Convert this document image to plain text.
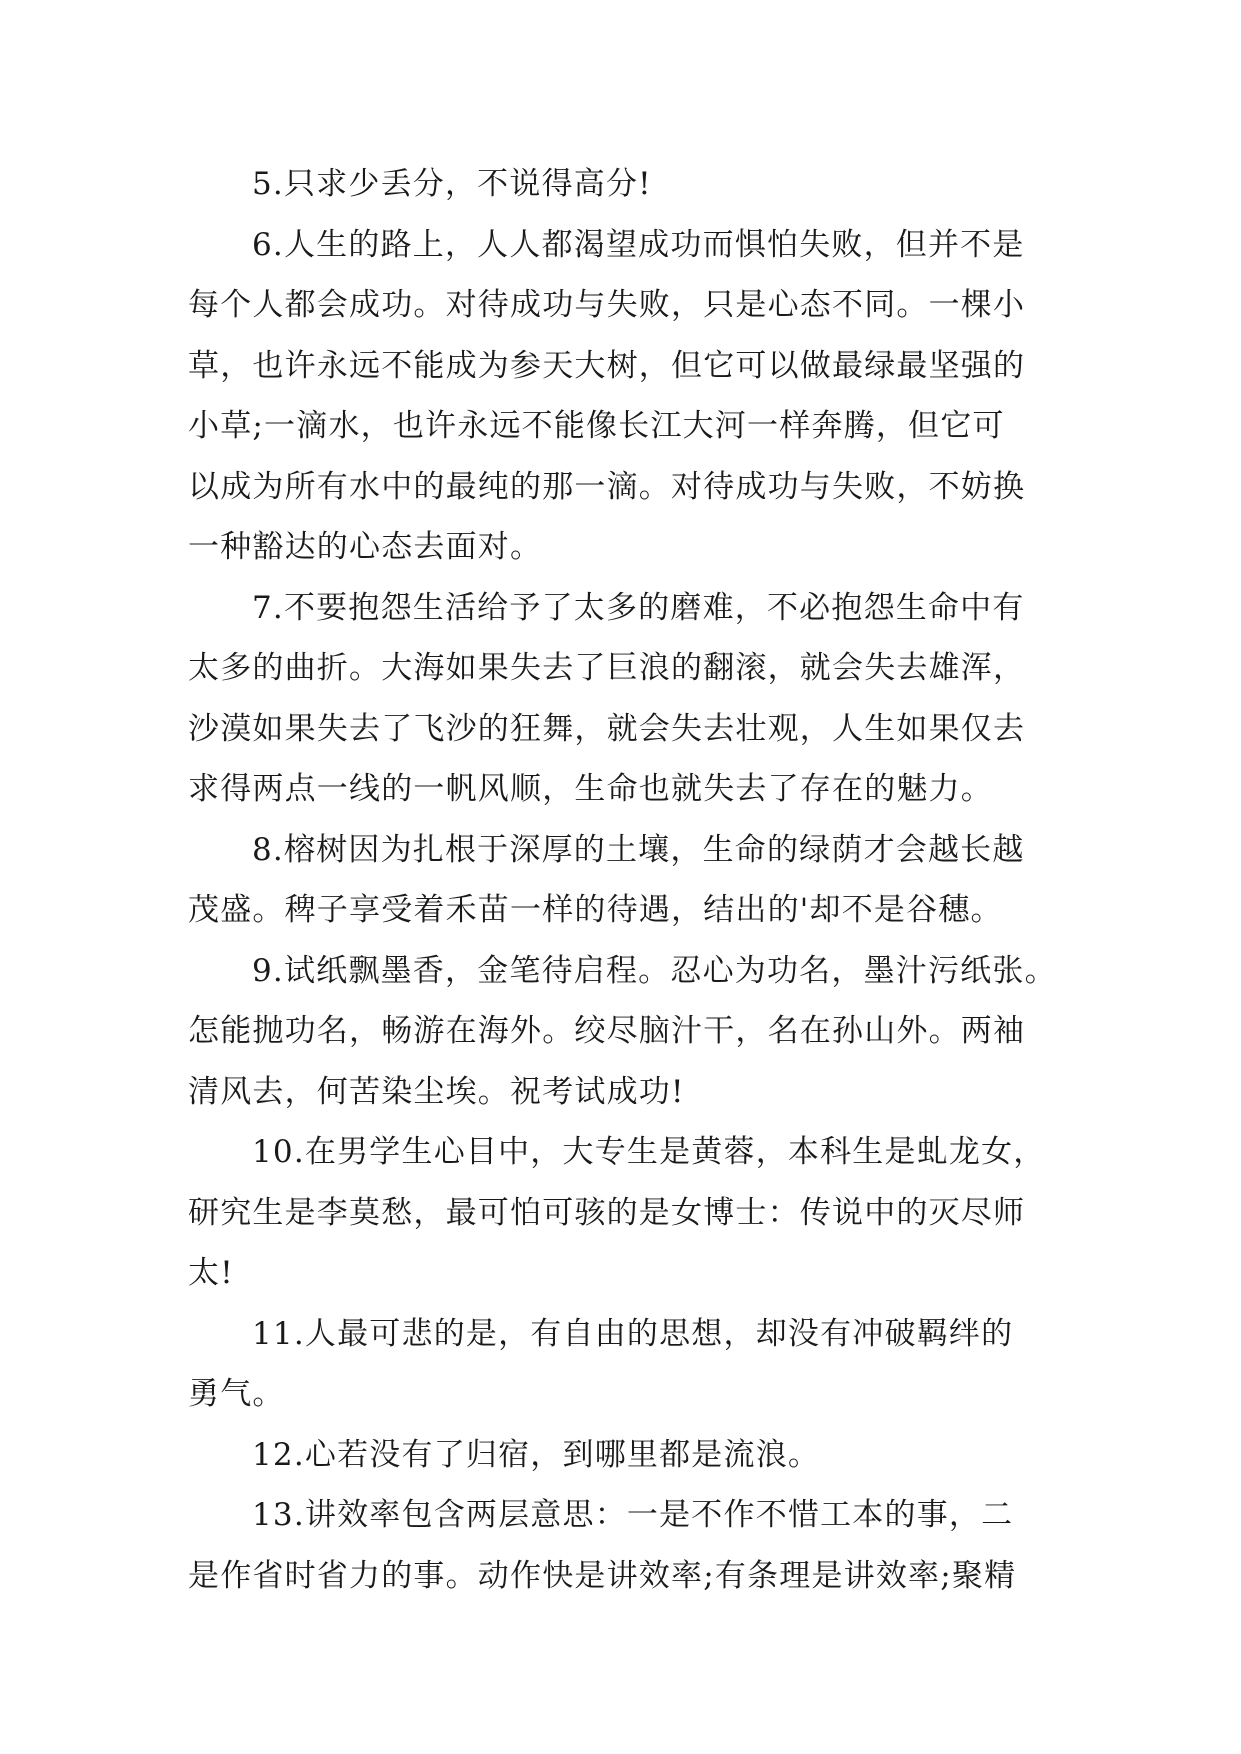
5.只求少丢分，不说得高分!
6.人生的路上，人人都渴望成功而惧怕失败，但并不是
每个人都会成功。对待成功与失败，只是心态不同。一棵小
草，也许永远不能成为参天大树，但它可以做最绿最坚强的
小草;一滴水，也许永远不能像长江大河一样奔腾，但它可
以成为所有水中的最纯的那一滴。对待成功与失败，不妨换
一种豁达的心态去面对。
7.不要抱怨生活给予了太多的磨难，不必抱怨生命中有
太多的曲折。大海如果失去了巨浪的翻滚，就会失去雄浑，
沙漠如果失去了飞沙的狂舞，就会失去壮观，人生如果仅去
求得两点一线的一帆风顺，生命也就失去了存在的魅力。
8.榕树因为扎根于深厚的土壤，生命的绿荫才会越长越
茂盛。稗子享受着禾苗一样的待遇，结出的'却不是谷穗。
9.试纸飘墨香，金笔待启程。忍心为功名，墨汁污纸张。
怎能抛功名，畅游在海外。绞尽脑汁干，名在孙山外。两袖
清风去，何苦染尘埃。祝考试成功!
10.在男学生心目中，大专生是黄蓉，本科生是虬龙女，
研究生是李莫愁，最可怕可骇的是女博士：传说中的灭尽师
太!
11.人最可悲的是，有自由的思想，却没有冲破羁绊的
勇气。
12.心若没有了归宿，到哪里都是流浪。
13.讲效率包含两层意思：一是不作不惜工本的事，二
是作省时省力的事。动作快是讲效率;有条理是讲效率;聚精
